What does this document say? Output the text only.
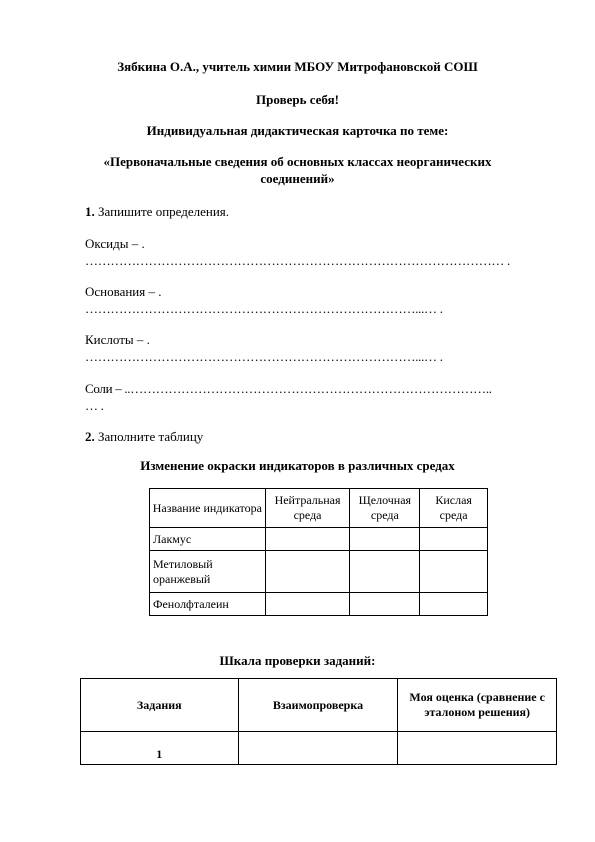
Зябкина О.А., учитель химии МБОУ Митрофановской СОШ
Проверь себя!
Индивидуальная дидактическая карточка по теме:
«Первоначальные сведения об основных классах неорганических
соединений»
1. Запишите определения.
Оксиды – .
……………………………………………………………………………………… .
Основания – .
……………………………………………………………………...… .
Кислоты – .
……………………………………………………………………...… .
Соли – ..…………………………………………………………………………..
… .
2. Заполните таблицу
Изменение окраски индикаторов в различных средах
Название индикатора	Нейтральная среда	Щелочная среда	Кислая среда
Лакмус			
Метиловый оранжевый			
Фенолфталеин			
Шкала проверки заданий:
Задания	Взаимопроверка	Моя оценка (сравнение с эталоном решения)
1		
